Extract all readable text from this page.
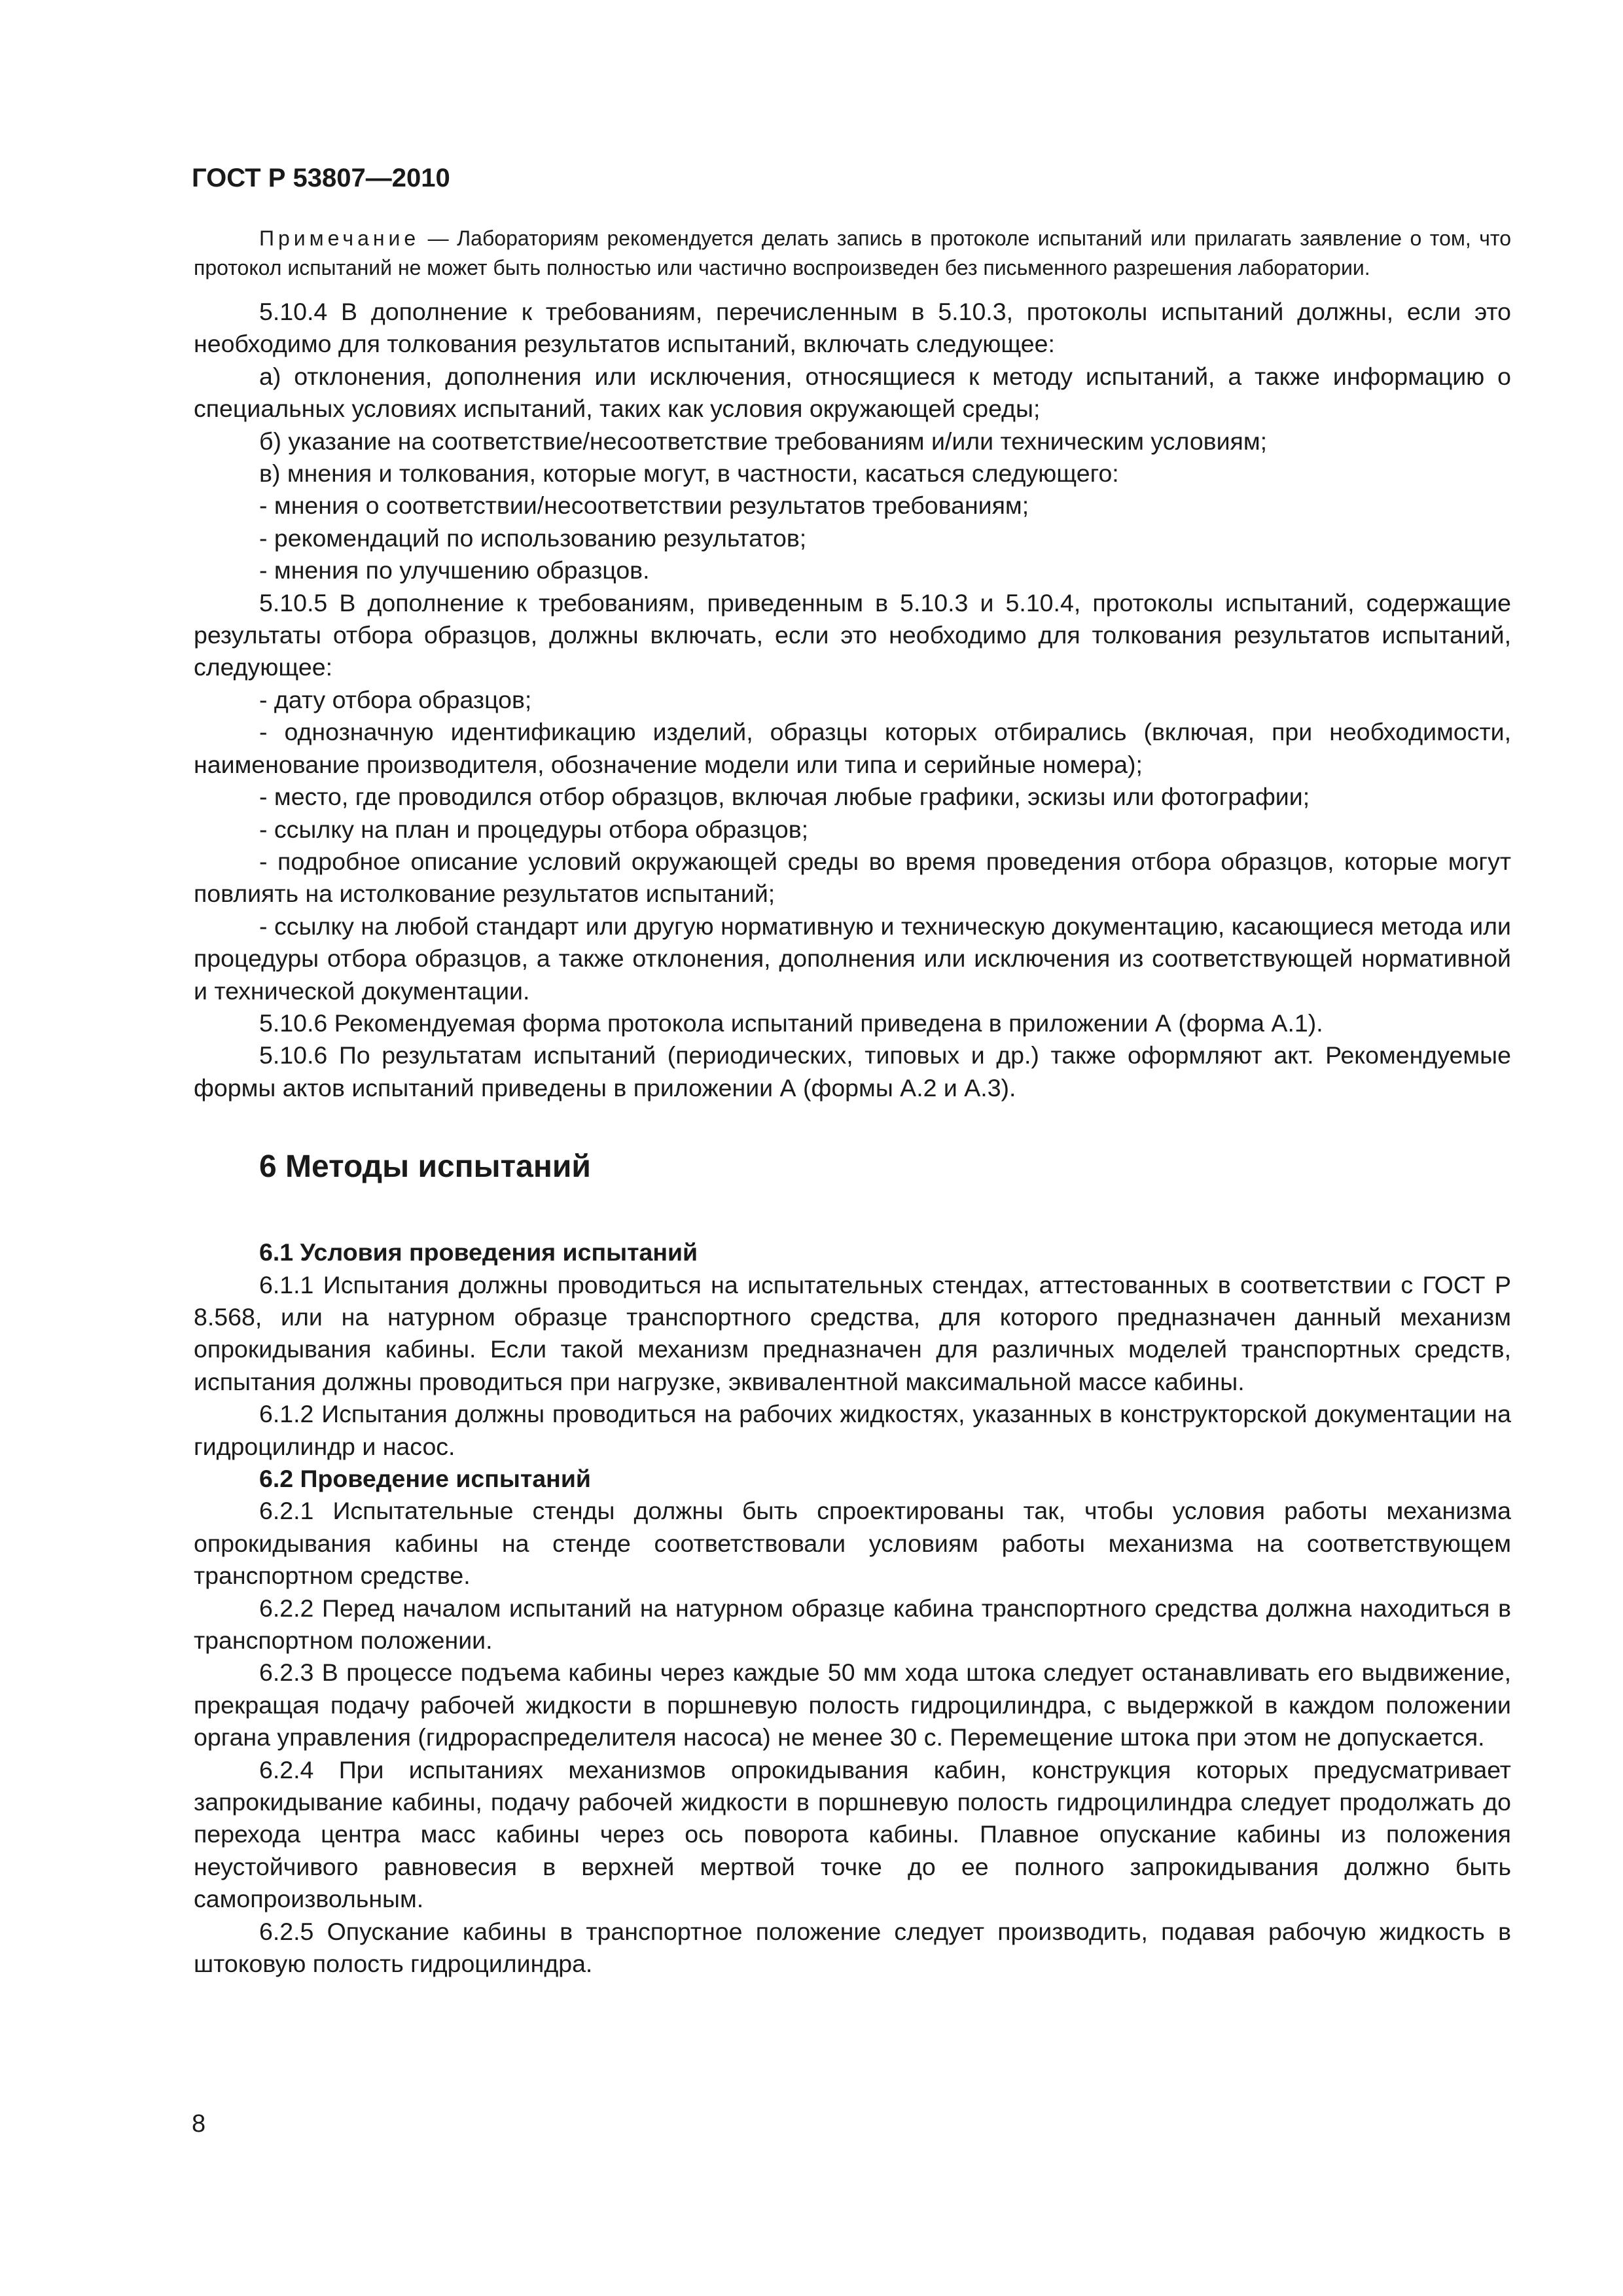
ГОСТ Р 53807—2010

Примечание — Лабораториям рекомендуется делать запись в протоколе испытаний или прилагать заявление о том, что протокол испытаний не может быть полностью или частично воспроизведен без письменного разрешения лаборатории.

5.10.4 В дополнение к требованиям, перечисленным в 5.10.3, протоколы испытаний должны, если это необходимо для толкования результатов испытаний, включать следующее:

а) отклонения, дополнения или исключения, относящиеся к методу испытаний, а также информацию о специальных условиях испытаний, таких как условия окружающей среды;

б) указание на соответствие/несоответствие требованиям и/или техническим условиям;

в) мнения и толкования, которые могут, в частности, касаться следующего:

- мнения о соответствии/несоответствии результатов требованиям;

- рекомендаций по использованию результатов;

- мнения по улучшению образцов.

5.10.5 В дополнение к требованиям, приведенным в 5.10.3 и 5.10.4, протоколы испытаний, содержащие результаты отбора образцов, должны включать, если это необходимо для толкования результатов испытаний, следующее:

- дату отбора образцов;

- однозначную идентификацию изделий, образцы которых отбирались (включая, при необходимости, наименование производителя, обозначение модели или типа и серийные номера);

- место, где проводился отбор образцов, включая любые графики, эскизы или фотографии;

- ссылку на план и процедуры отбора образцов;

- подробное описание условий окружающей среды во время проведения отбора образцов, которые могут повлиять на истолкование результатов испытаний;

- ссылку на любой стандарт или другую нормативную и техническую документацию, касающиеся метода или процедуры отбора образцов, а также отклонения, дополнения или исключения из соответствующей нормативной и технической документации.

5.10.6 Рекомендуемая форма протокола испытаний приведена в приложении А (форма А.1).

5.10.6 По результатам испытаний (периодических, типовых и др.) также оформляют акт. Рекомендуемые формы актов испытаний приведены в приложении А (формы А.2 и А.3).

6 Методы испытаний

6.1 Условия проведения испытаний

6.1.1 Испытания должны проводиться на испытательных стендах, аттестованных в соответствии с ГОСТ Р 8.568, или на натурном образце транспортного средства, для которого предназначен данный механизм опрокидывания кабины. Если такой механизм предназначен для различных моделей транспортных средств, испытания должны проводиться при нагрузке, эквивалентной максимальной массе кабины.

6.1.2 Испытания должны проводиться на рабочих жидкостях, указанных в конструкторской документации на гидроцилиндр и насос.

6.2 Проведение испытаний

6.2.1 Испытательные стенды должны быть спроектированы так, чтобы условия работы механизма опрокидывания кабины на стенде соответствовали условиям работы механизма на соответствующем транспортном средстве.

6.2.2 Перед началом испытаний на натурном образце кабина транспортного средства должна находиться в транспортном положении.

6.2.3 В процессе подъема кабины через каждые 50 мм хода штока следует останавливать его выдвижение, прекращая подачу рабочей жидкости в поршневую полость гидроцилиндра, с выдержкой в каждом положении органа управления (гидрораспределителя насоса) не менее 30 с. Перемещение штока при этом не допускается.

6.2.4 При испытаниях механизмов опрокидывания кабин, конструкция которых предусматривает запрокидывание кабины, подачу рабочей жидкости в поршневую полость гидроцилиндра следует продолжать до перехода центра масс кабины через ось поворота кабины. Плавное опускание кабины из положения неустойчивого равновесия в верхней мертвой точке до ее полного запрокидывания должно быть самопроизвольным.

6.2.5 Опускание кабины в транспортное положение следует производить, подавая рабочую жидкость в штоковую полость гидроцилиндра.

8
